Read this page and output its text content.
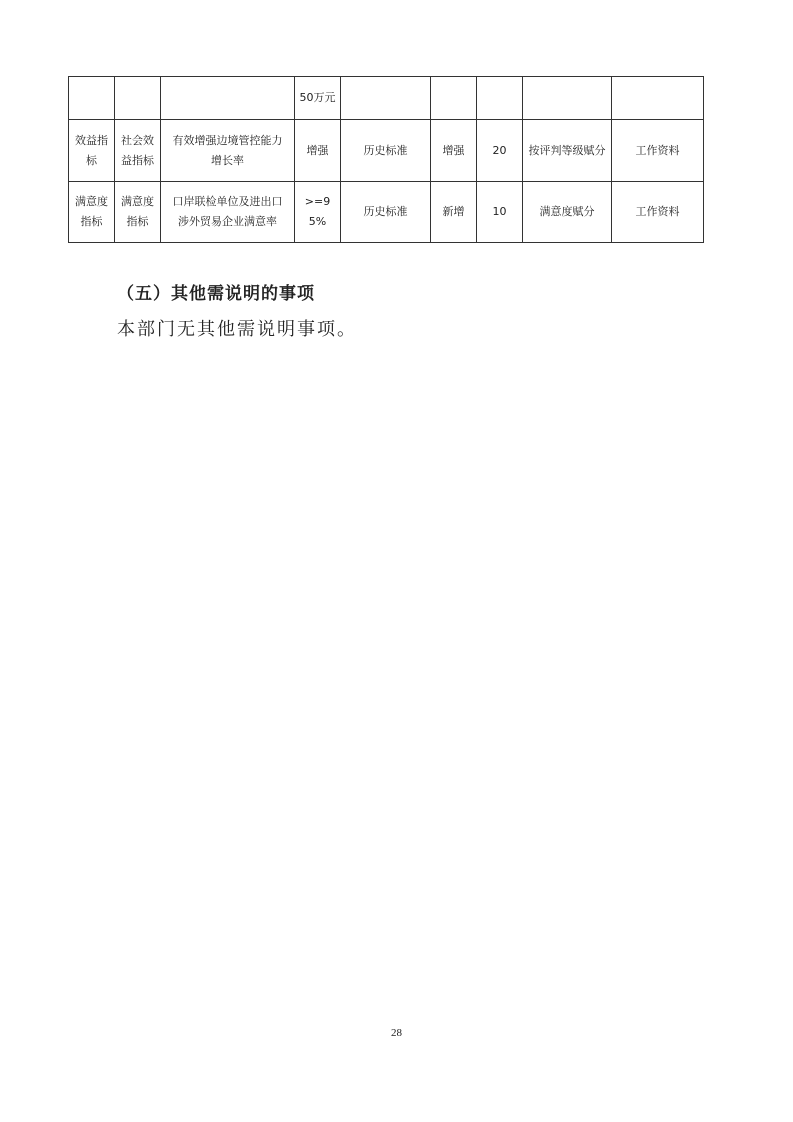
			50万元					
效益指标	社会效益指标	有效增强边境管控能力增长率	增强	历史标准	增强	20	按评判等级赋分	工作资料
满意度指标	满意度指标	口岸联检单位及进出口涉外贸易企业满意率	>=95%	历史标准	新增	10	满意度赋分	工作资料
（五）其他需说明的事项

本部门无其他需说明事项。

28
